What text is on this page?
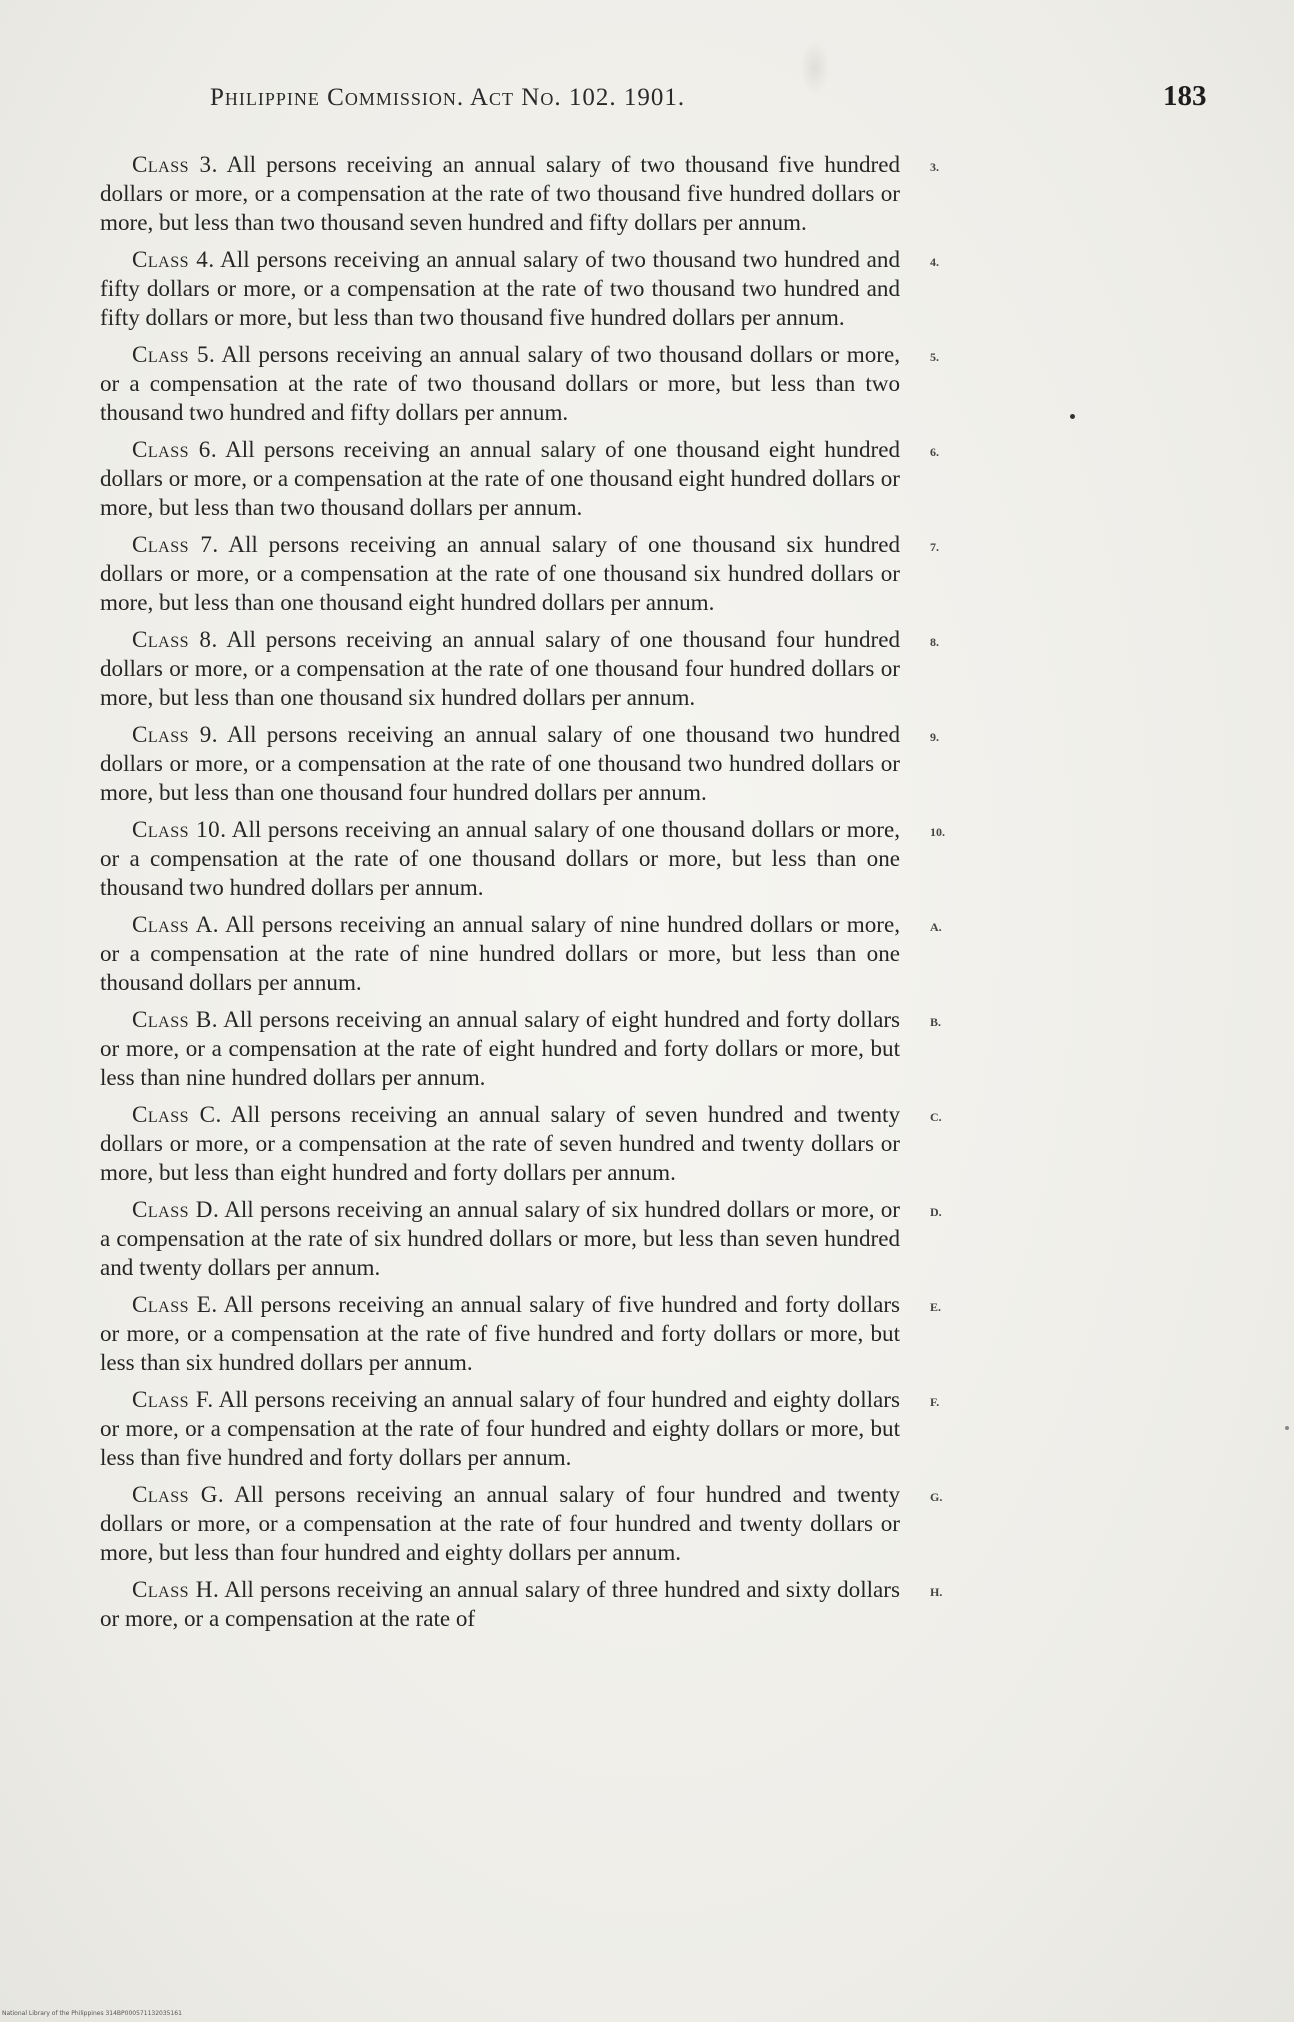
Philippine Commission. Act No. 102. 1901.	183

Class 3. All persons receiving an annual salary of two thousand five hundred dollars or more, or a compensation at the rate of two thousand five hundred dollars or more, but less than two thousand seven hundred and fifty dollars per annum.
3.

Class 4. All persons receiving an annual salary of two thousand two hundred and fifty dollars or more, or a compensation at the rate of two thousand two hundred and fifty dollars or more, but less than two thousand five hundred dollars per annum.
4.

Class 5. All persons receiving an annual salary of two thousand dollars or more, or a compensation at the rate of two thousand dollars or more, but less than two thousand two hundred and fifty dollars per annum.
5.

Class 6. All persons receiving an annual salary of one thousand eight hundred dollars or more, or a compensation at the rate of one thousand eight hundred dollars or more, but less than two thousand dollars per annum.
6.

Class 7. All persons receiving an annual salary of one thousand six hundred dollars or more, or a compensation at the rate of one thousand six hundred dollars or more, but less than one thousand eight hundred dollars per annum.
7.

Class 8. All persons receiving an annual salary of one thousand four hundred dollars or more, or a compensation at the rate of one thousand four hundred dollars or more, but less than one thousand six hundred dollars per annum.
8.

Class 9. All persons receiving an annual salary of one thousand two hundred dollars or more, or a compensation at the rate of one thousand two hundred dollars or more, but less than one thousand four hundred dollars per annum.
9.

Class 10. All persons receiving an annual salary of one thousand dollars or more, or a compensation at the rate of one thousand dollars or more, but less than one thousand two hundred dollars per annum.
10.

Class A. All persons receiving an annual salary of nine hundred dollars or more, or a compensation at the rate of nine hundred dollars or more, but less than one thousand dollars per annum.
A.

Class B. All persons receiving an annual salary of eight hundred and forty dollars or more, or a compensation at the rate of eight hundred and forty dollars or more, but less than nine hundred dollars per annum.
B.

Class C. All persons receiving an annual salary of seven hundred and twenty dollars or more, or a compensation at the rate of seven hundred and twenty dollars or more, but less than eight hundred and forty dollars per annum.
C.

Class D. All persons receiving an annual salary of six hundred dollars or more, or a compensation at the rate of six hundred dollars or more, but less than seven hundred and twenty dollars per annum.
D.

Class E. All persons receiving an annual salary of five hundred and forty dollars or more, or a compensation at the rate of five hundred and forty dollars or more, but less than six hundred dollars per annum.
E.

Class F. All persons receiving an annual salary of four hundred and eighty dollars or more, or a compensation at the rate of four hundred and eighty dollars or more, but less than five hundred and forty dollars per annum.
F.

Class G. All persons receiving an annual salary of four hundred and twenty dollars or more, or a compensation at the rate of four hundred and twenty dollars or more, but less than four hundred and eighty dollars per annum.
G.

Class H. All persons receiving an annual salary of three hundred and sixty dollars or more, or a compensation at the rate of
H.

National Library of the Philippines 314BP000571132035161
